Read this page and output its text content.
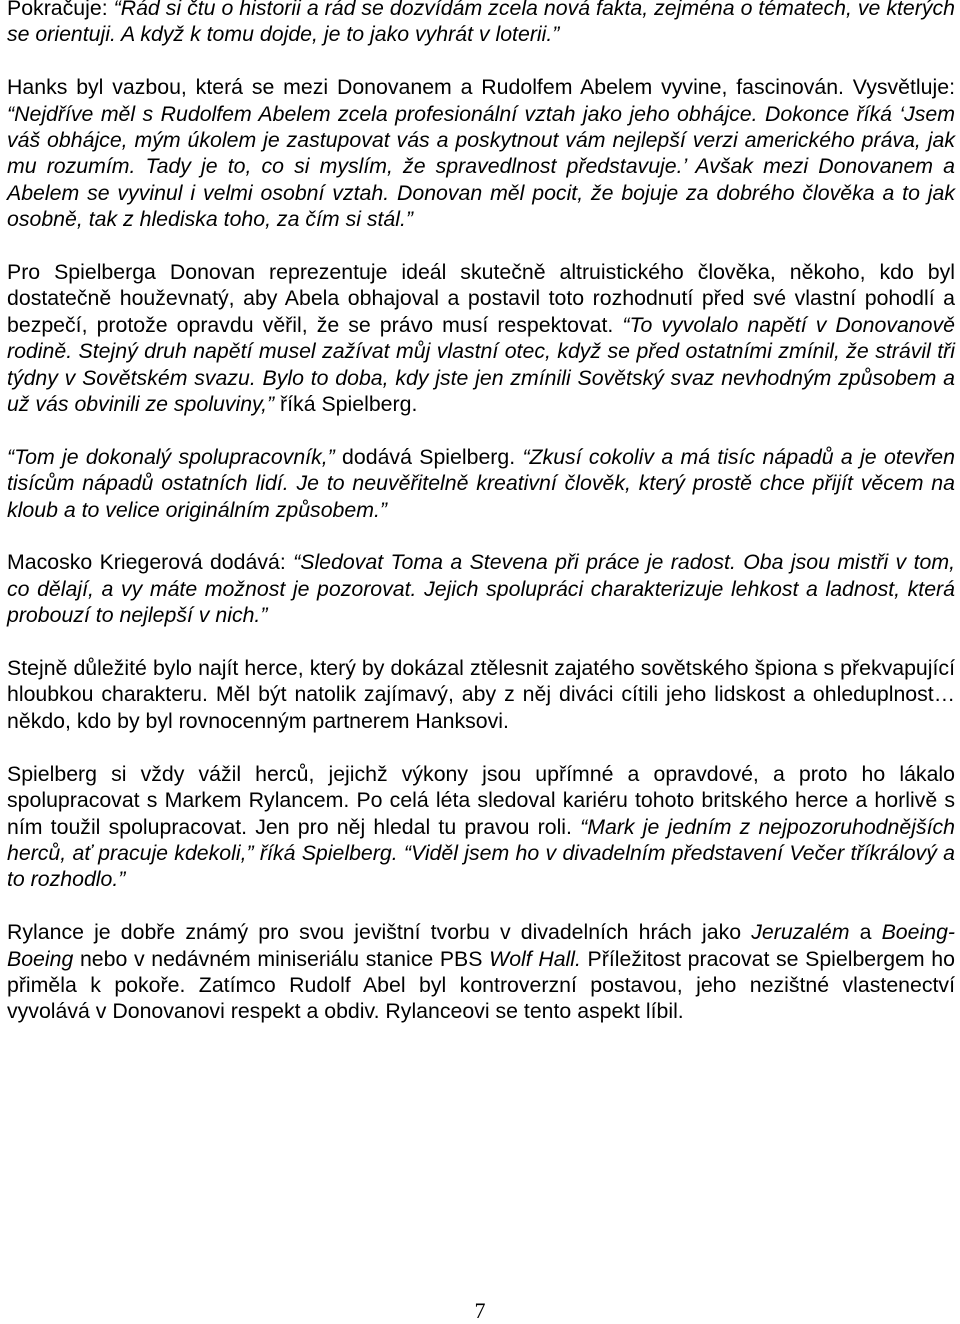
Pokračuje: “Rád si čtu o historii a rád se dozvídám zcela nová fakta, zejména o tématech, ve kterých se orientuji. A když k tomu dojde, je to jako vyhrát v loterii.”

Hanks byl vazbou, která se mezi Donovanem a Rudolfem Abelem vyvine, fascinován. Vysvětluje: “Nejdříve měl s Rudolfem Abelem zcela profesionální vztah jako jeho obhájce. Dokonce říká ‘Jsem váš obhájce, mým úkolem je zastupovat vás a poskytnout vám nejlepší verzi amerického práva, jak mu rozumím. Tady je to, co si myslím, že spravedlnost představuje.’ Avšak mezi Donovanem a Abelem se vyvinul i velmi osobní vztah. Donovan měl pocit, že bojuje za dobrého člověka a to jak osobně, tak z hlediska toho, za čím si stál.”

Pro Spielberga Donovan reprezentuje ideál skutečně altruistického člověka, někoho, kdo byl dostatečně houževnatý, aby Abela obhajoval a postavil toto rozhodnutí před své vlastní pohodlí a bezpečí, protože opravdu věřil, že se právo musí respektovat. “To vyvolalo napětí v Donovanově rodině. Stejný druh napětí musel zažívat můj vlastní otec, když se před ostatními zmínil, že strávil tři týdny v Sovětském svazu. Bylo to doba, kdy jste jen zmínili Sovětský svaz nevhodným způsobem a už vás obvinili ze spoluviny,” říká Spielberg.

“Tom je dokonalý spolupracovník,” dodává Spielberg. “Zkusí cokoliv a má tisíc nápadů a je otevřen tisícům nápadů ostatních lidí. Je to neuvěřitelně kreativní člověk, který prostě chce přijít věcem na kloub a to velice originálním způsobem.”

Macosko Kriegerová dodává: “Sledovat Toma a Stevena při práce je radost. Oba jsou mistři v tom, co dělají, a vy máte možnost je pozorovat. Jejich spolupráci charakterizuje lehkost a ladnost, která probouzí to nejlepší v nich.”

Stejně důležité bylo najít herce, který by dokázal ztělesnit zajatého sovětského špiona s překvapující hloubkou charakteru. Měl být natolik zajímavý, aby z něj diváci cítili jeho lidskost a ohleduplnost… někdo, kdo by byl rovnocenným partnerem Hanksovi.

Spielberg si vždy vážil herců, jejichž výkony jsou upřímné a opravdové, a proto ho lákalo spolupracovat s Markem Rylancem. Po celá léta sledoval kariéru tohoto britského herce a horlivě s ním toužil spolupracovat. Jen pro něj hledal tu pravou roli. “Mark je jedním z nejpozoruhodnějších herců, ať pracuje kdekoli,” říká Spielberg. “Viděl jsem ho v divadelním představení Večer tříkrálový a to rozhodlo.”

Rylance je dobře známý pro svou jevištní tvorbu v divadelních hrách jako Jeruzalém a Boeing-Boeing nebo v nedávném miniseriálu stanice PBS Wolf Hall. Příležitost pracovat se Spielbergem ho přiměla k pokoře. Zatímco Rudolf Abel byl kontroverzní postavou, jeho nezištné vlastenectví vyvolává v Donovanovi respekt a obdiv. Rylanceovi se tento aspekt líbil.

7
